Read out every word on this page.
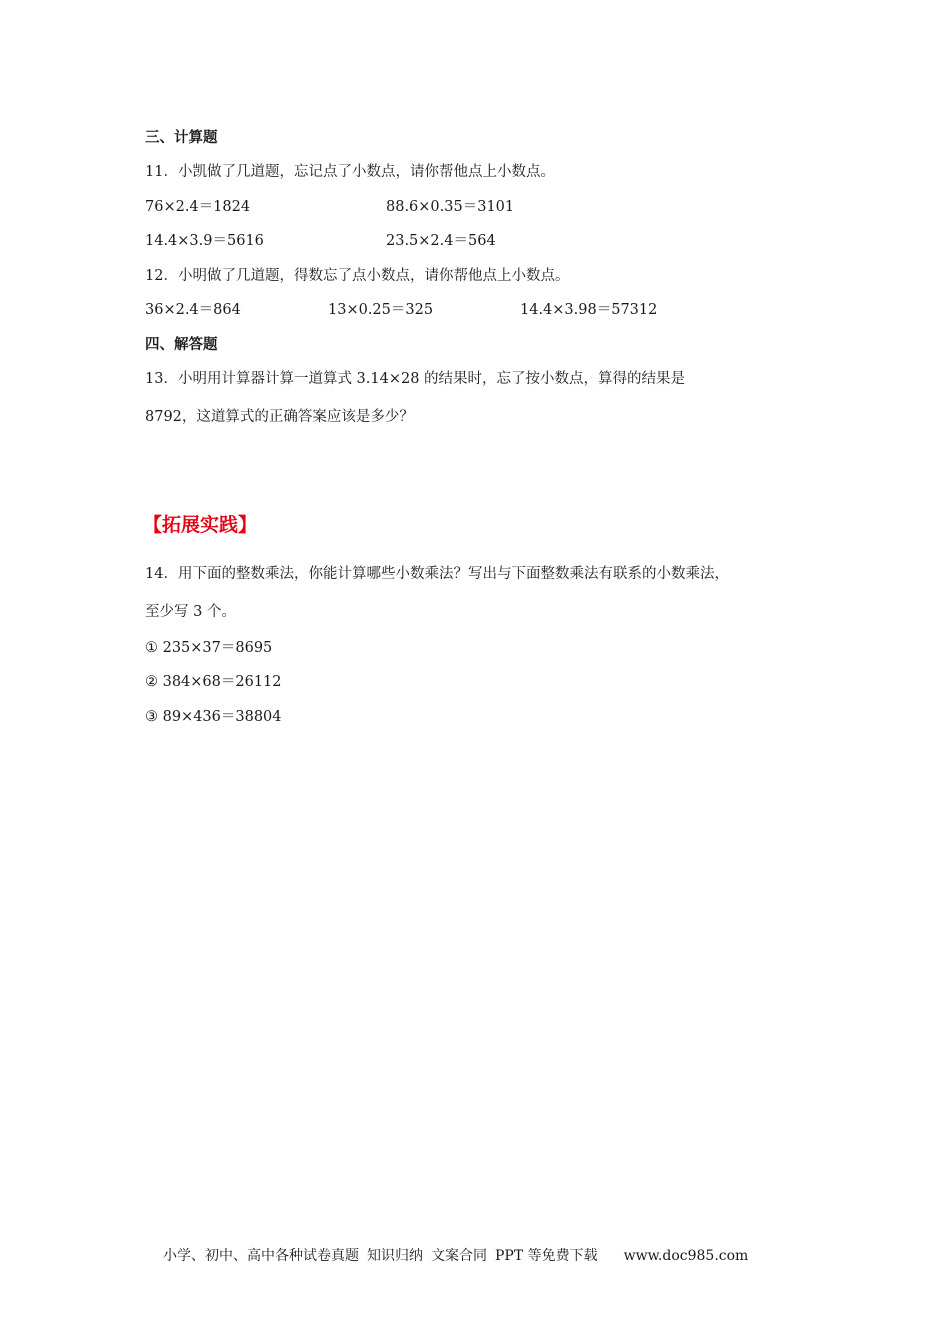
三、计算题
11．小凯做了几道题，忘记点了小数点，请你帮他点上小数点。
76×2.4＝1824	88.6×0.35＝3101
14.4×3.9＝5616	23.5×2.4＝564
12．小明做了几道题，得数忘了点小数点，请你帮他点上小数点。
36×2.4＝864	13×0.25＝325	14.4×3.98＝57312
四、解答题
13．小明用计算器计算一道算式 3.14×28 的结果时，忘了按小数点，算得的结果是
8792，这道算式的正确答案应该是多少？
【拓展实践】
14．用下面的整数乘法，你能计算哪些小数乘法？写出与下面整数乘法有联系的小数乘法，
至少写 3 个。
① 235×37＝8695
② 384×68＝26112
③ 89×436＝38804
小学、初中、高中各种试卷真题 知识归纳 文案合同 PPT 等免费下载 www.doc985.com
